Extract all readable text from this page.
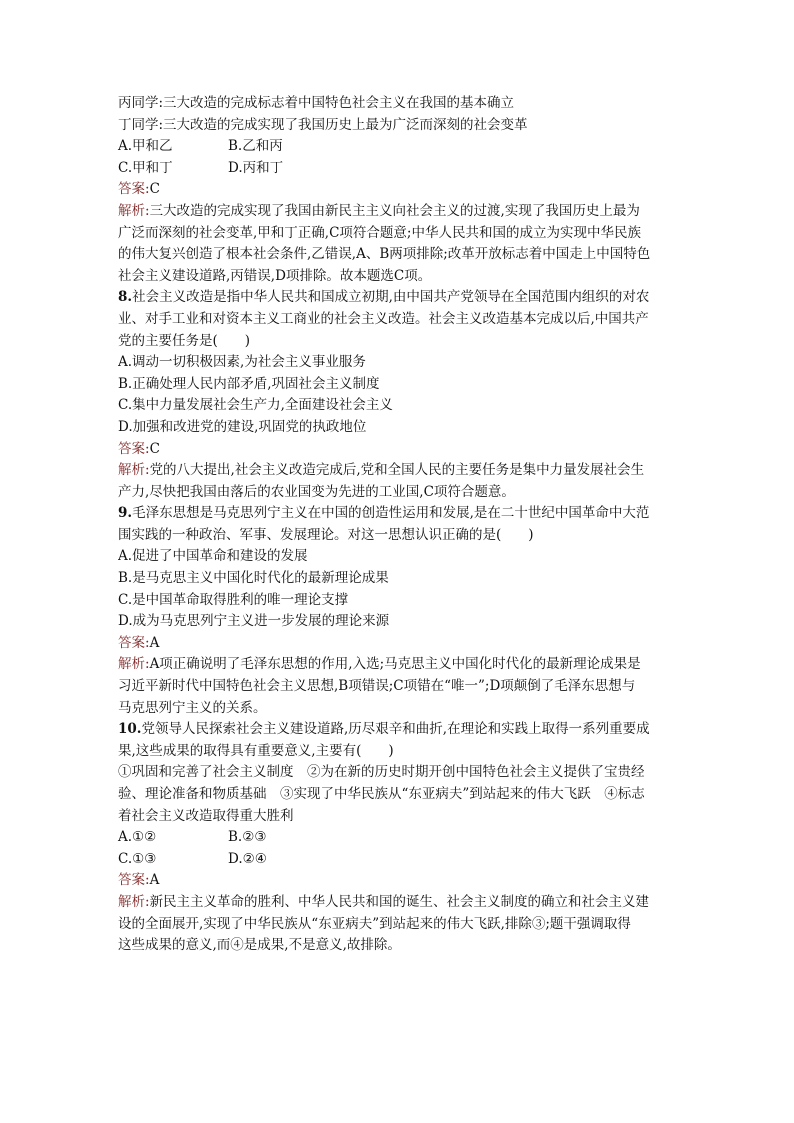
丙同学:三大改造的完成标志着中国特色社会主义在我国的基本确立
丁同学:三大改造的完成实现了我国历史上最为广泛而深刻的社会变革
A.甲和乙	B.乙和丙
C.甲和丁	D.丙和丁
答案:C
解析:三大改造的完成实现了我国由新民主主义向社会主义的过渡,实现了我国历史上最为
广泛而深刻的社会变革,甲和丁正确,C项符合题意;中华人民共和国的成立为实现中华民族
的伟大复兴创造了根本社会条件,乙错误,A、B两项排除;改革开放标志着中国走上中国特色
社会主义建设道路,丙错误,D项排除。故本题选C项。
8.社会主义改造是指中华人民共和国成立初期,由中国共产党领导在全国范围内组织的对农
业、对手工业和对资本主义工商业的社会主义改造。社会主义改造基本完成以后,中国共产
党的主要任务是(　　)
A.调动一切积极因素,为社会主义事业服务
B.正确处理人民内部矛盾,巩固社会主义制度
C.集中力量发展社会生产力,全面建设社会主义
D.加强和改进党的建设,巩固党的执政地位
答案:C
解析:党的八大提出,社会主义改造完成后,党和全国人民的主要任务是集中力量发展社会生
产力,尽快把我国由落后的农业国变为先进的工业国,C项符合题意。
9.毛泽东思想是马克思列宁主义在中国的创造性运用和发展,是在二十世纪中国革命中大范
围实践的一种政治、军事、发展理论。对这一思想认识正确的是(　　)
A.促进了中国革命和建设的发展
B.是马克思主义中国化时代化的最新理论成果
C.是中国革命取得胜利的唯一理论支撑
D.成为马克思列宁主义进一步发展的理论来源
答案:A
解析:A项正确说明了毛泽东思想的作用,入选;马克思主义中国化时代化的最新理论成果是
习近平新时代中国特色社会主义思想,B项错误;C项错在“唯一”;D项颠倒了毛泽东思想与
马克思列宁主义的关系。
10.党领导人民探索社会主义建设道路,历尽艰辛和曲折,在理论和实践上取得一系列重要成
果,这些成果的取得具有重要意义,主要有(　　)
①巩固和完善了社会主义制度　②为在新的历史时期开创中国特色社会主义提供了宝贵经
验、理论准备和物质基础　③实现了中华民族从“东亚病夫”到站起来的伟大飞跃　④标志
着社会主义改造取得重大胜利
A.①②	B.②③
C.①③	D.②④
答案:A
解析:新民主主义革命的胜利、中华人民共和国的诞生、社会主义制度的确立和社会主义建
设的全面展开,实现了中华民族从“东亚病夫”到站起来的伟大飞跃,排除③;题干强调取得
这些成果的意义,而④是成果,不是意义,故排除。
